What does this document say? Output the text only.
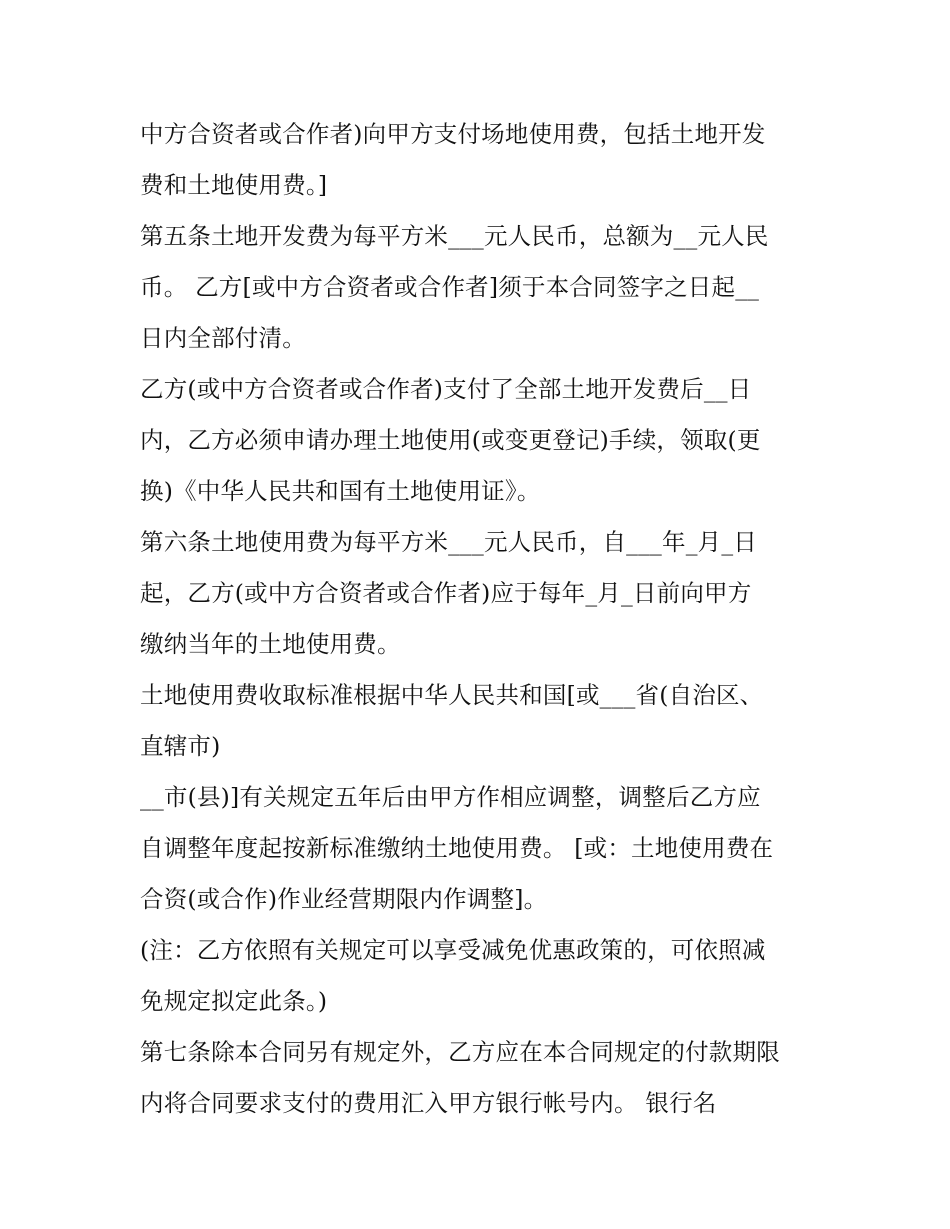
中方合资者或合作者)向甲方支付场地使用费，包括土地开发
费和土地使用费。]
第五条土地开发费为每平方米___元人民币，总额为__元人民
币。 乙方[或中方合资者或合作者]须于本合同签字之日起__
日内全部付清。
乙方(或中方合资者或合作者)支付了全部土地开发费后__日
内，乙方必须申请办理土地使用(或变更登记)手续，领取(更
换)《中华人民共和国有土地使用证》。
第六条土地使用费为每平方米___元人民币，自___年_月_日
起，乙方(或中方合资者或合作者)应于每年_月_日前向甲方
缴纳当年的土地使用费。
土地使用费收取标准根据中华人民共和国[或___省(自治区、
直辖市)
__市(县)]有关规定五年后由甲方作相应调整，调整后乙方应
自调整年度起按新标准缴纳土地使用费。 [或：土地使用费在
合资(或合作)作业经营期限内作调整]。
(注：乙方依照有关规定可以享受减免优惠政策的，可依照减
免规定拟定此条。)
第七条除本合同另有规定外，乙方应在本合同规定的付款期限
内将合同要求支付的费用汇入甲方银行帐号内。 银行名
